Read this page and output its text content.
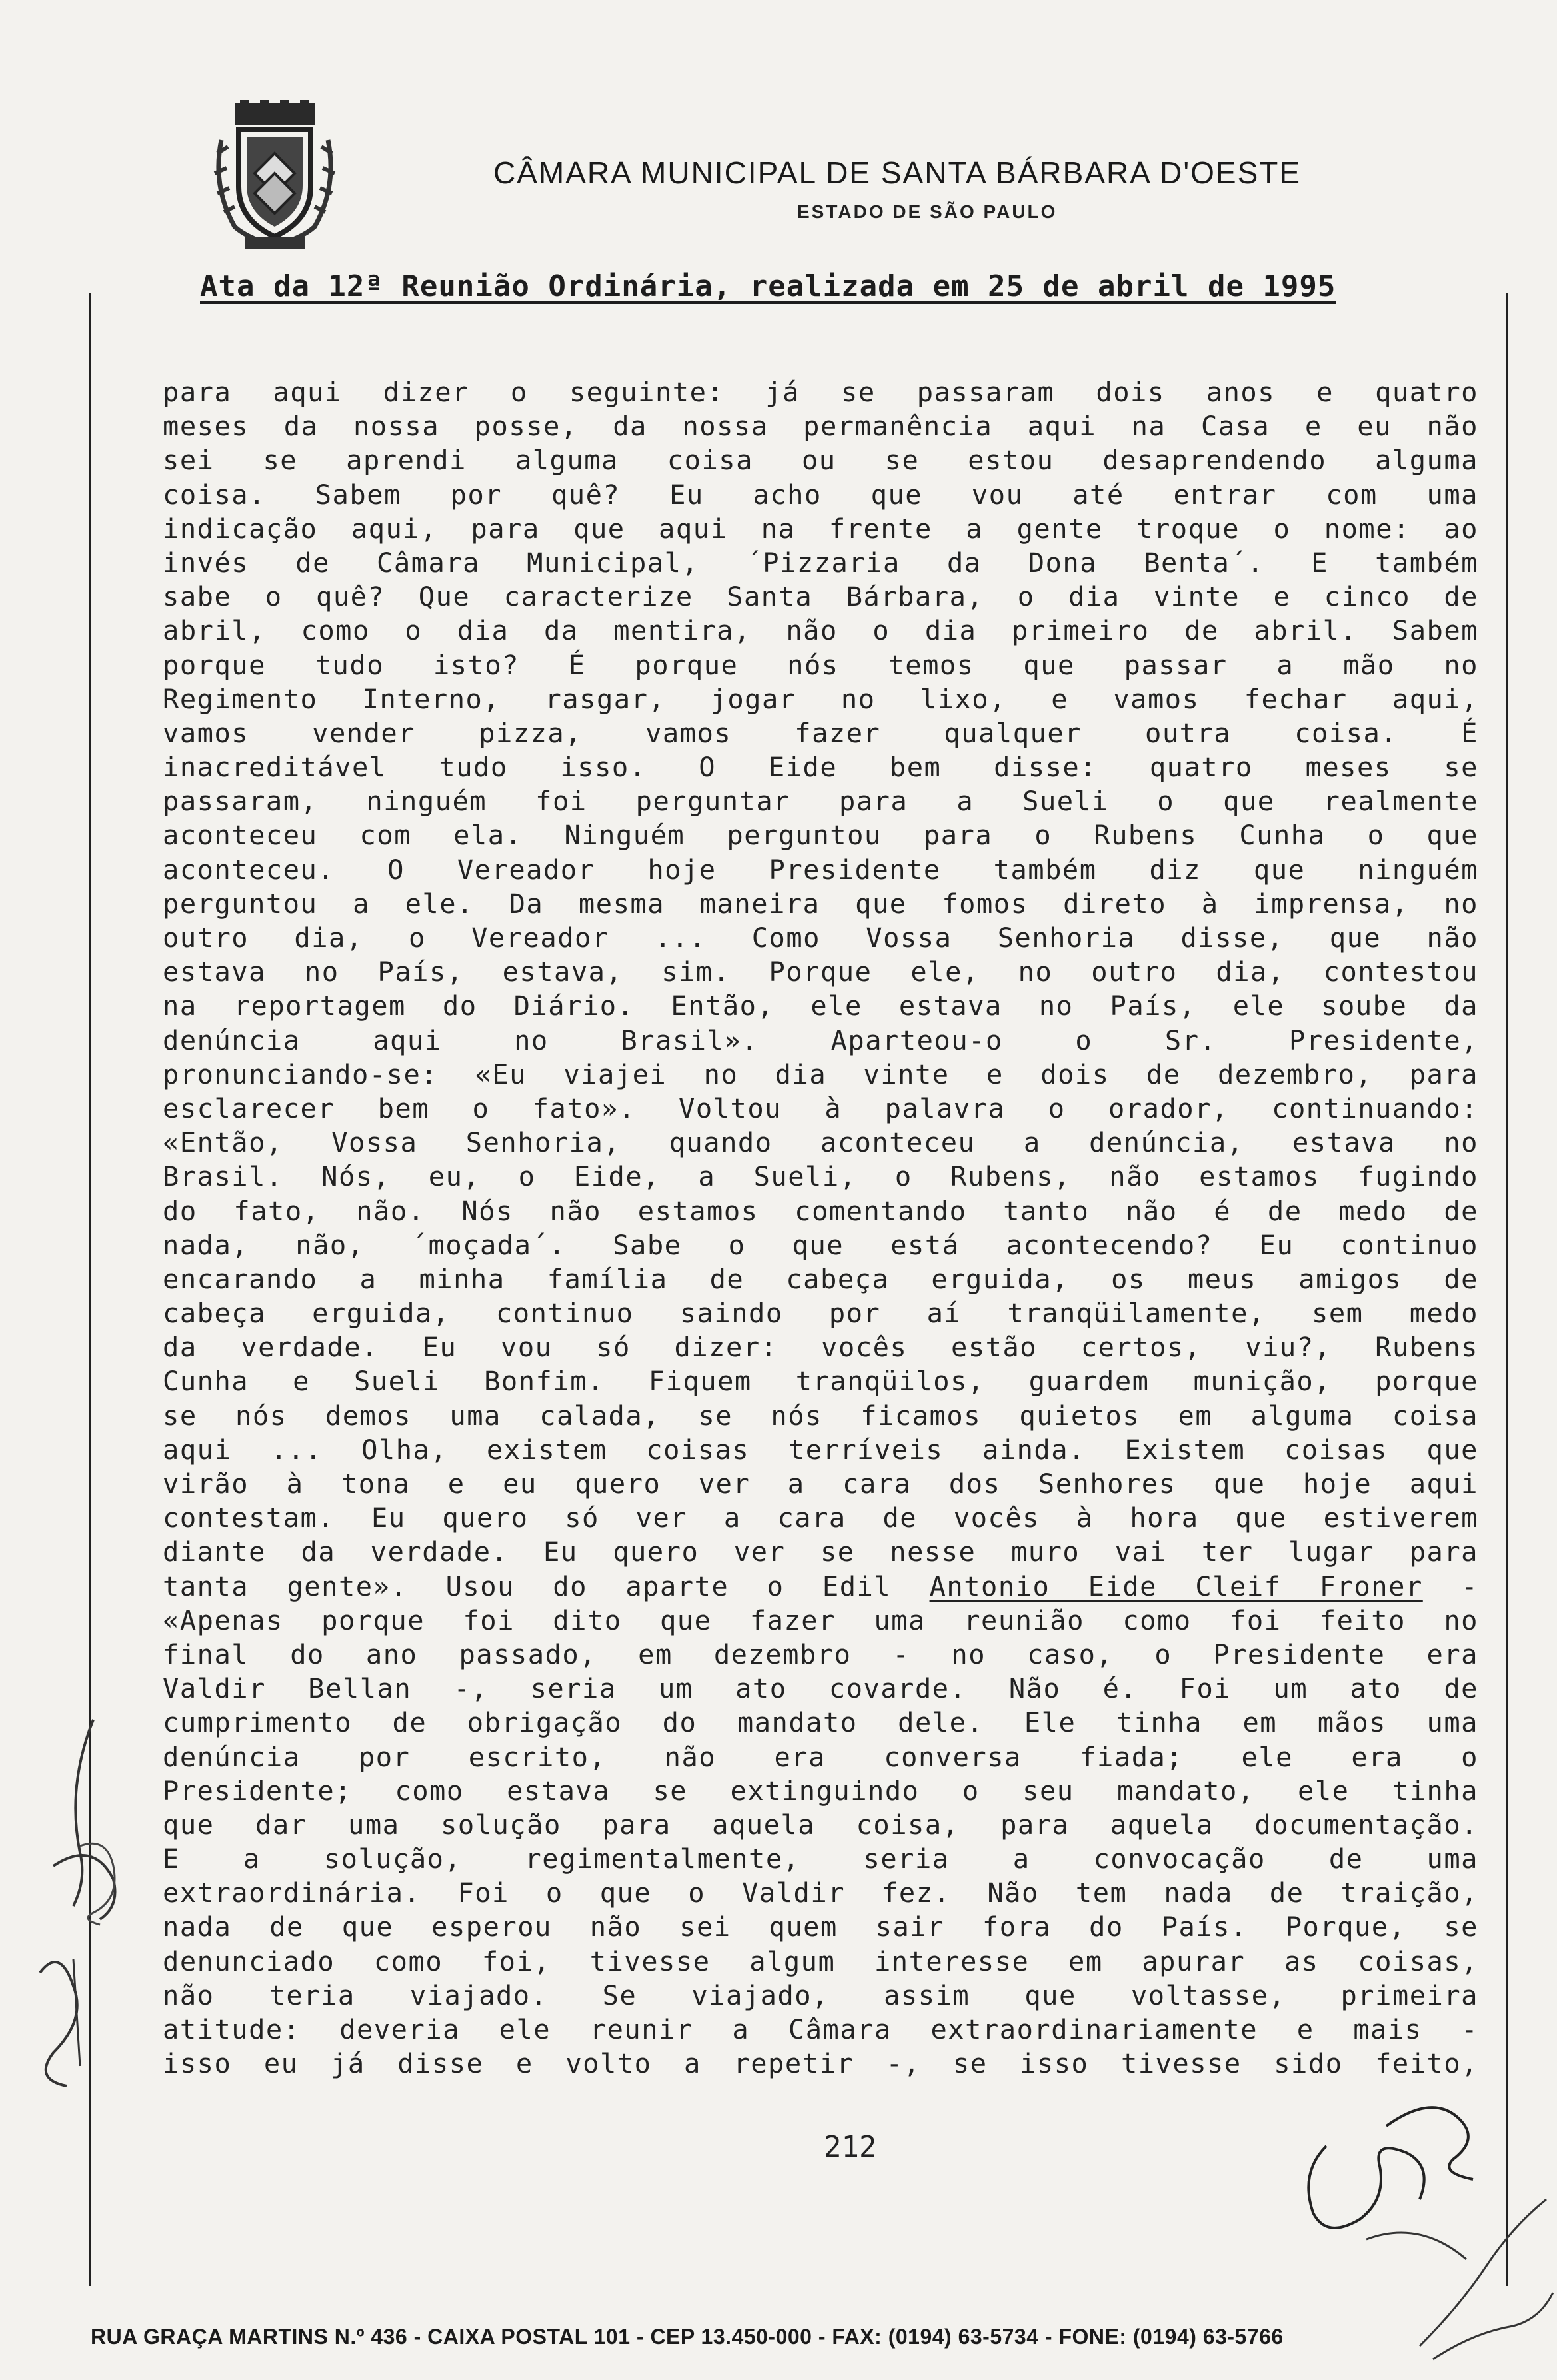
CÂMARA MUNICIPAL DE SANTA BÁRBARA D'OESTE
ESTADO DE SÃO PAULO
Ata da 12ª Reunião Ordinária, realizada em 25 de abril de 1995
para aqui dizer o seguinte: já se passaram dois anos e quatro
meses da nossa posse, da nossa permanência aqui na Casa e eu não
sei se aprendi alguma coisa ou se estou desaprendendo alguma
coisa. Sabem por quê? Eu acho que vou até entrar com uma
indicação aqui, para que aqui na frente a gente troque o nome: ao
invés de Câmara Municipal, ´Pizzaria da Dona Benta´. E também
sabe o quê? Que caracterize Santa Bárbara, o dia vinte e cinco de
abril, como o dia da mentira, não o dia primeiro de abril. Sabem
porque tudo isto? É porque nós temos que passar a mão no
Regimento Interno, rasgar, jogar no lixo, e vamos fechar aqui,
vamos vender pizza, vamos fazer qualquer outra coisa. É
inacreditável tudo isso. O Eide bem disse: quatro meses se
passaram, ninguém foi perguntar para a Sueli o que realmente
aconteceu com ela. Ninguém perguntou para o Rubens Cunha o que
aconteceu. O Vereador hoje Presidente também diz que ninguém
perguntou a ele. Da mesma maneira que fomos direto à imprensa, no
outro dia, o Vereador ... Como Vossa Senhoria disse, que não
estava no País, estava, sim. Porque ele, no outro dia, contestou
na reportagem do Diário. Então, ele estava no País, ele soube da
denúncia aqui no Brasil». Aparteou-o o Sr. Presidente,
pronunciando-se: «Eu viajei no dia vinte e dois de dezembro, para
esclarecer bem o fato». Voltou à palavra o orador, continuando:
«Então, Vossa Senhoria, quando aconteceu a denúncia, estava no
Brasil. Nós, eu, o Eide, a Sueli, o Rubens, não estamos fugindo
do fato, não. Nós não estamos comentando tanto não é de medo de
nada, não, ´moçada´. Sabe o que está acontecendo? Eu continuo
encarando a minha família de cabeça erguida, os meus amigos de
cabeça erguida, continuo saindo por aí tranqüilamente, sem medo
da verdade. Eu vou só dizer: vocês estão certos, viu?, Rubens
Cunha e Sueli Bonfim. Fiquem tranqüilos, guardem munição, porque
se nós demos uma calada, se nós ficamos quietos em alguma coisa
aqui ... Olha, existem coisas terríveis ainda. Existem coisas que
virão à tona e eu quero ver a cara dos Senhores que hoje aqui
contestam. Eu quero só ver a cara de vocês à hora que estiverem
diante da verdade. Eu quero ver se nesse muro vai ter lugar para
tanta gente». Usou do aparte o Edil Antonio Eide Cleif Froner -
«Apenas porque foi dito que fazer uma reunião como foi feito no
final do ano passado, em dezembro - no caso, o Presidente era
Valdir Bellan -, seria um ato covarde. Não é. Foi um ato de
cumprimento de obrigação do mandato dele. Ele tinha em mãos uma
denúncia por escrito, não era conversa fiada; ele era o
Presidente; como estava se extinguindo o seu mandato, ele tinha
que dar uma solução para aquela coisa, para aquela documentação.
E a solução, regimentalmente, seria a convocação de uma
extraordinária. Foi o que o Valdir fez. Não tem nada de traição,
nada de que esperou não sei quem sair fora do País. Porque, se
denunciado como foi, tivesse algum interesse em apurar as coisas,
não teria viajado. Se viajado, assim que voltasse, primeira
atitude: deveria ele reunir a Câmara extraordinariamente e mais -
isso eu já disse e volto a repetir -, se isso tivesse sido feito,
212
RUA GRAÇA MARTINS N.º 436 - CAIXA POSTAL 101 - CEP 13.450-000 - FAX: (0194) 63-5734 - FONE: (0194) 63-5766
